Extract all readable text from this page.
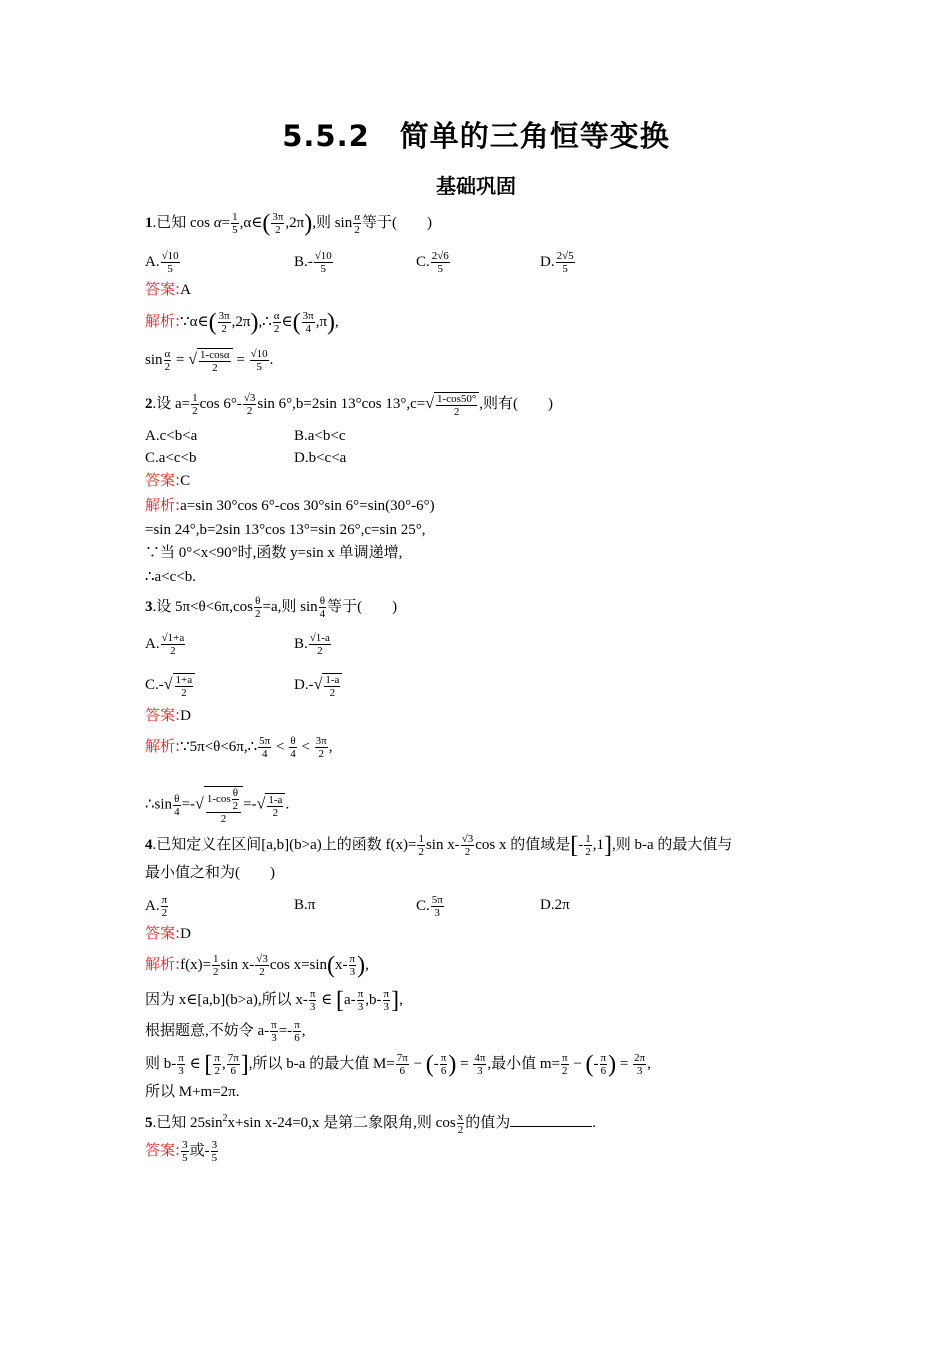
5.5.2　简单的三角恒等变换
基础巩固
1.已知 $\cos \alpha= \frac{1}{5}$ ,α∈( $\frac{3\pi}{2} ,2\pi$),则 $\sin \frac{\alpha}{2}$ 等于(　　)
A. $\frac{√10}{5}$	$B.- \frac{√10}{5}$	C. $\frac{2√6}{5}$	D. $\frac{2√5}{5}$
答案:A
解析:∵α∈( $\frac{3\pi}{2}$ ,2π),∴ $\frac{\alpha}{2}$ ∈( $\frac{3\pi}{4} ,\pi$),
$\sin \frac{\alpha}{2}$ = √ $\frac{1-\cos\alpha}{2} = \frac{√10}{5}$ .
2.设 $a= \frac{1}{2}$ $\cos 6^\circ- \frac{√3}{2}$ sin 6°,b=2sin 13°cos $13^\circ,c=√ \frac{1-\cos 50^\circ}{2}$ ,则有(　　)
A.c<b<a	B.a<b<c
C.a<c<b	D.b<c<a
答案:C
解析:a=sin 30°cos 6°-cos 30°sin 6°=sin(30°-6°)
=sin 24°,b=2sin 13°cos 13°=sin 26°,c=sin 25°,
∵当 0°<x<90°时,函数 y=sin x 单调递增,
∴a<c<b.
3.设 $5\pi<\theta<6\pi,\cos \frac{\theta}{2} =a$,则 $\sin \frac{\theta}{4}$ 等于(　　)
A. $\frac{√1+a}{2}$	B. $\frac{√1-a}{2}$
$C.-√ \frac{1+a}{2}$	$D.-√ \frac{1-a}{2}$
答案:D
解析:∵5π<θ<6π,∴ $\frac{5\pi}{4} < \frac{\theta}{4} < \frac{3\pi}{2}$ ,
∴sin $\frac{\theta}{4}$ =-√ $\frac{1-\cos \frac{\theta}{2}}{2}$ =-√ $\frac{1-a}{2}$ .
4.已知定义在区间[a,b](b>a)上的函数 $f(x)= \frac{1}{2}$ $\sin x- \frac{√3}{2}$ cos x 的值域是[- $\frac{1}{2} ,1$],则 b-a 的最大值与
最小值之和为(　　)
A. $\frac{\pi}{2}$	B.π	C. $\frac{5\pi}{3}$	D.2π
答案:D
解析:f(x)= $\frac{1}{2}$ $\sin x- \frac{√3}{2}$ $\cos x=\sin(x- \frac{\pi}{3}$ ),
因为 x∈[a,b](b>a),所以 $x- \frac{\pi}{3}$ ∈ [$a- \frac{\pi}{3} ,b- \frac{\pi}{3}$ ],
根据题意,不妨令 $a- \frac{\pi}{3} =- \frac{\pi}{6}$ ,
则 $b- \frac{\pi}{3}$ ∈ [ $\frac{\pi}{2}$ , $\frac{7\pi}{6}$ ],所以 b-a 的最大值 $M= \frac{7\pi}{6}$ − (- $\frac{\pi}{6}$ ) = $\frac{4\pi}{3}$ ,最小值 $m= \frac{\pi}{2}$ − (- $\frac{\pi}{6}$ ) = $\frac{2\pi}{3}$ ,
所以 M+m=2π.
5.已知 $25\sin^2x+\sin$ x-24=0,x 是第二象限角,则 $\cos \frac{x}{2}$ 的值为	.
答案: $\frac{3}{5}$ 或- $\frac{3}{5}$
